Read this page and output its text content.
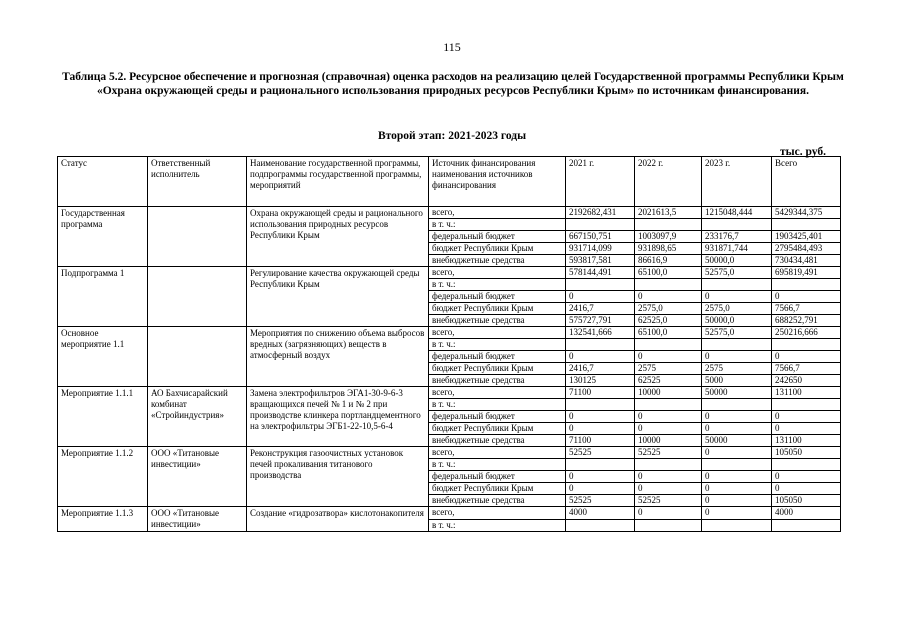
115
Таблица 5.2. Ресурсное обеспечение и прогнозная (справочная) оценка расходов на реализацию целей Государственной программы Республики Крым «Охрана окружающей среды и рационального использования природных ресурсов Республики Крым» по источникам финансирования.
Второй этап: 2021-2023 годы
тыс. руб.
Статус	Ответственный исполнитель	Наименование государственной программы, подпрограммы государственной программы, мероприятий	Источник финансирования наименования источников финансирования	2021 г.	2022 г.	2023 г.	Всего
Государственная программа		Охрана окружающей среды и рационального использования природных ресурсов Республики Крым	всего,	2192682,431	2021613,5	1215048,444	5429344,375
			в т. ч.:				
			федеральный бюджет	667150,751	1003097,9	233176,7	1903425,401
			бюджет Республики Крым	931714,099	931898,65	931871,744	2795484,493
			внебюджетные средства	593817,581	86616,9	50000,0	730434,481
Подпрограмма 1		Регулирование качества окружающей среды Республики Крым	всего,	578144,491	65100,0	52575,0	695819,491
			в т. ч.:				
			федеральный бюджет	0	0	0	0
			бюджет Республики Крым	2416,7	2575,0	2575,0	7566,7
			внебюджетные средства	575727,791	62525,0	50000,0	688252,791
Основное мероприятие 1.1		Мероприятия по снижению объема выбросов вредных (загрязняющих) веществ в атмосферный воздух	всего,	132541,666	65100,0	52575,0	250216,666
			в т. ч.:				
			федеральный бюджет	0	0	0	0
			бюджет Республики Крым	2416,7	2575	2575	7566,7
			внебюджетные средства	130125	62525	5000	242650
Мероприятие 1.1.1	АО Бахчисарайский комбинат «Стройиндустрия»	Замена электрофильтров ЭГА1-30-9-6-3 вращающихся печей № 1 и № 2 при производстве клинкера портландцементного на электрофильтры ЭГБ1-22-10,5-6-4	всего,	71100	10000	50000	131100
			в т. ч.:				
			федеральный бюджет	0	0	0	0
			бюджет Республики Крым	0	0	0	0
			внебюджетные средства	71100	10000	50000	131100
Мероприятие 1.1.2	ООО «Титановые инвестиции»	Реконструкция газоочистных установок печей прокаливания титанового производства	всего,	52525	52525	0	105050
			в т. ч.:				
			федеральный бюджет	0	0	0	0
			бюджет Республики Крым	0	0	0	0
			внебюджетные средства	52525	52525	0	105050
Мероприятие 1.1.3	ООО «Титановые инвестиции»	Создание «гидрозатвора» кислотонакопителя	всего,	4000	0	0	4000
			в т. ч.:				
